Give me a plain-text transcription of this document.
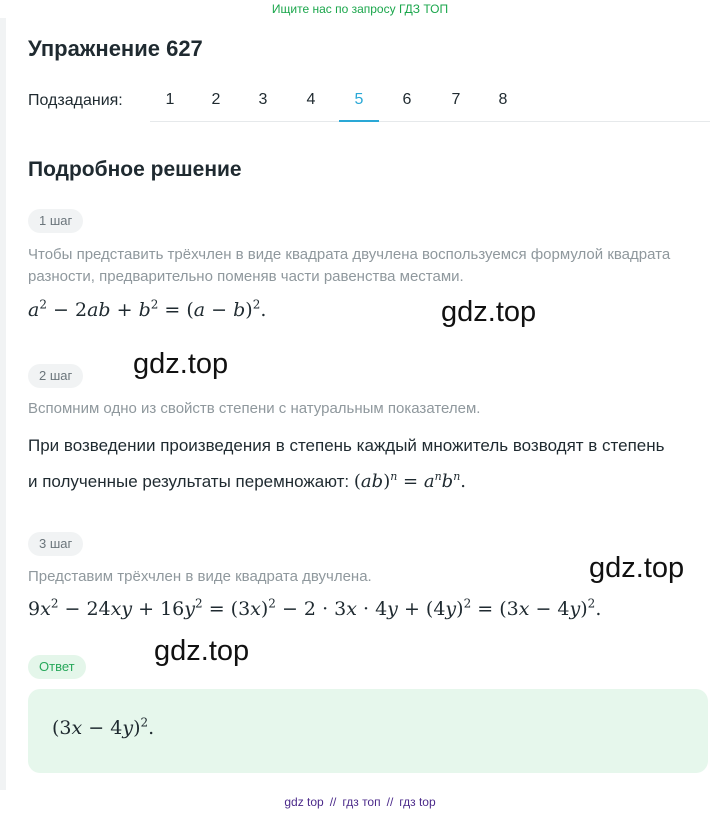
Ищите нас по запросу ГДЗ ТОП
Упражнение 627
Подзадания:	1	2	3	4	5	6	7	8
Подробное решение
1 шаг

Чтобы представить трёхчлен в виде квадрата двучлена воспользуемся формулой квадрата разности, предварительно поменяв части равенства местами.

$a^2 - 2ab + b^2 = (a - b)^2$.	gdz.top
gdz.top
2 шаг

Вспомним одно из свойств степени с натуральным показателем.

При возведении произведения в степень каждый множитель возводят в степень и полученные результаты перемножают: $(ab)^n = a^nb^n$.

3 шаг
gdz.top

Представим трёхчлен в виде квадрата двучлена.

$9x^2 - 24xy + 16y^2 = (3x)^2 - 2 \cdot 3x \cdot 4y + (4y)^2 = (3x - 4y)^2$.
gdz.top
Ответ
$(3x - 4y)^2$.
gdz top // гдз топ // гдз top
